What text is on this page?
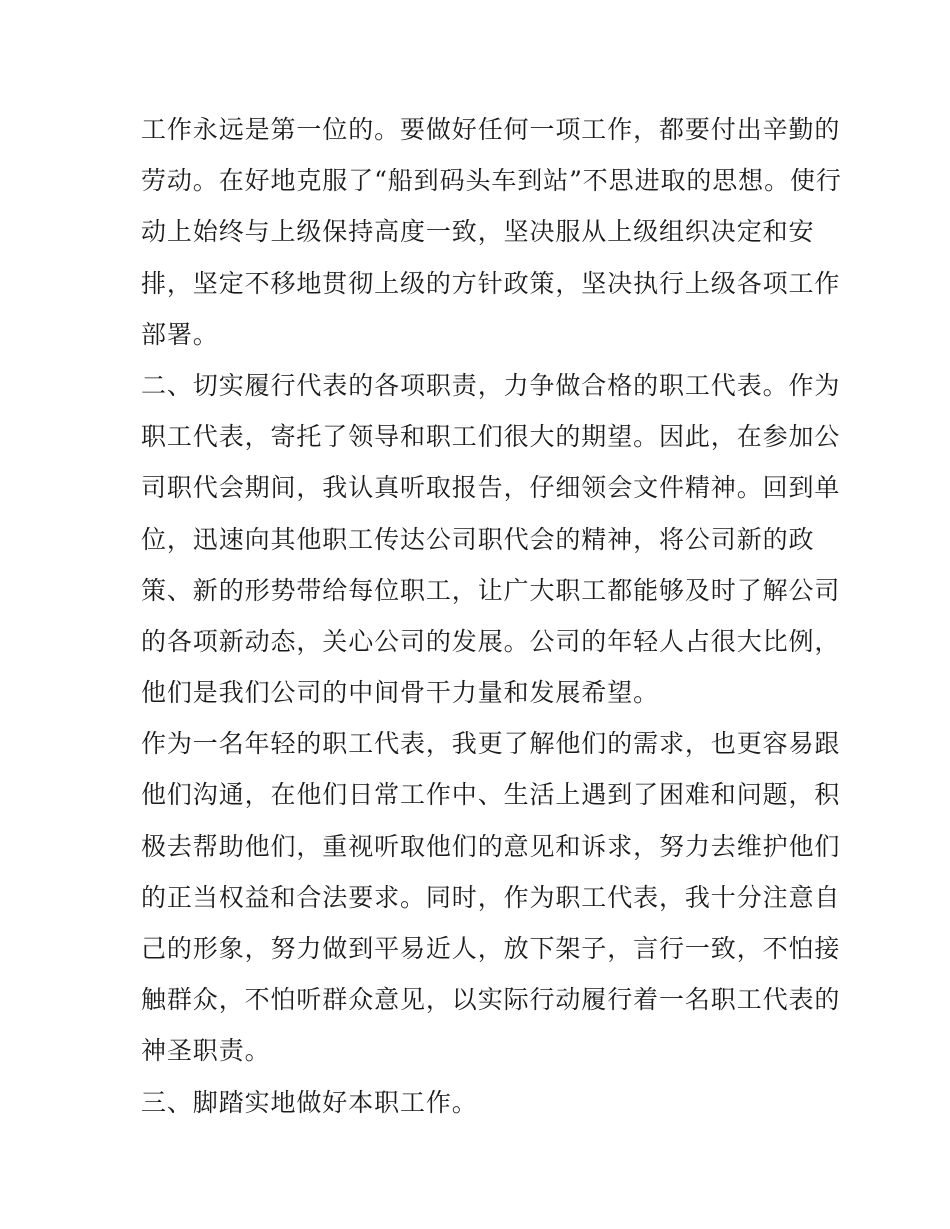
工作永远是第一位的。要做好任何一项工作，都要付出辛勤的
劳动。在好地克服了“船到码头车到站”不思进取的思想。使行
动上始终与上级保持高度一致，坚决服从上级组织决定和安
排，坚定不移地贯彻上级的方针政策，坚决执行上级各项工作
部署。
二、切实履行代表的各项职责，力争做合格的职工代表。作为
职工代表，寄托了领导和职工们很大的期望。因此，在参加公
司职代会期间，我认真听取报告，仔细领会文件精神。回到单
位，迅速向其他职工传达公司职代会的精神，将公司新的政
策、新的形势带给每位职工，让广大职工都能够及时了解公司
的各项新动态，关心公司的发展。公司的年轻人占很大比例，
他们是我们公司的中间骨干力量和发展希望。
作为一名年轻的职工代表，我更了解他们的需求，也更容易跟
他们沟通，在他们日常工作中、生活上遇到了困难和问题，积
极去帮助他们，重视听取他们的意见和诉求，努力去维护他们
的正当权益和合法要求。同时，作为职工代表，我十分注意自
己的形象，努力做到平易近人，放下架子，言行一致，不怕接
触群众，不怕听群众意见，以实际行动履行着一名职工代表的
神圣职责。
三、脚踏实地做好本职工作。
